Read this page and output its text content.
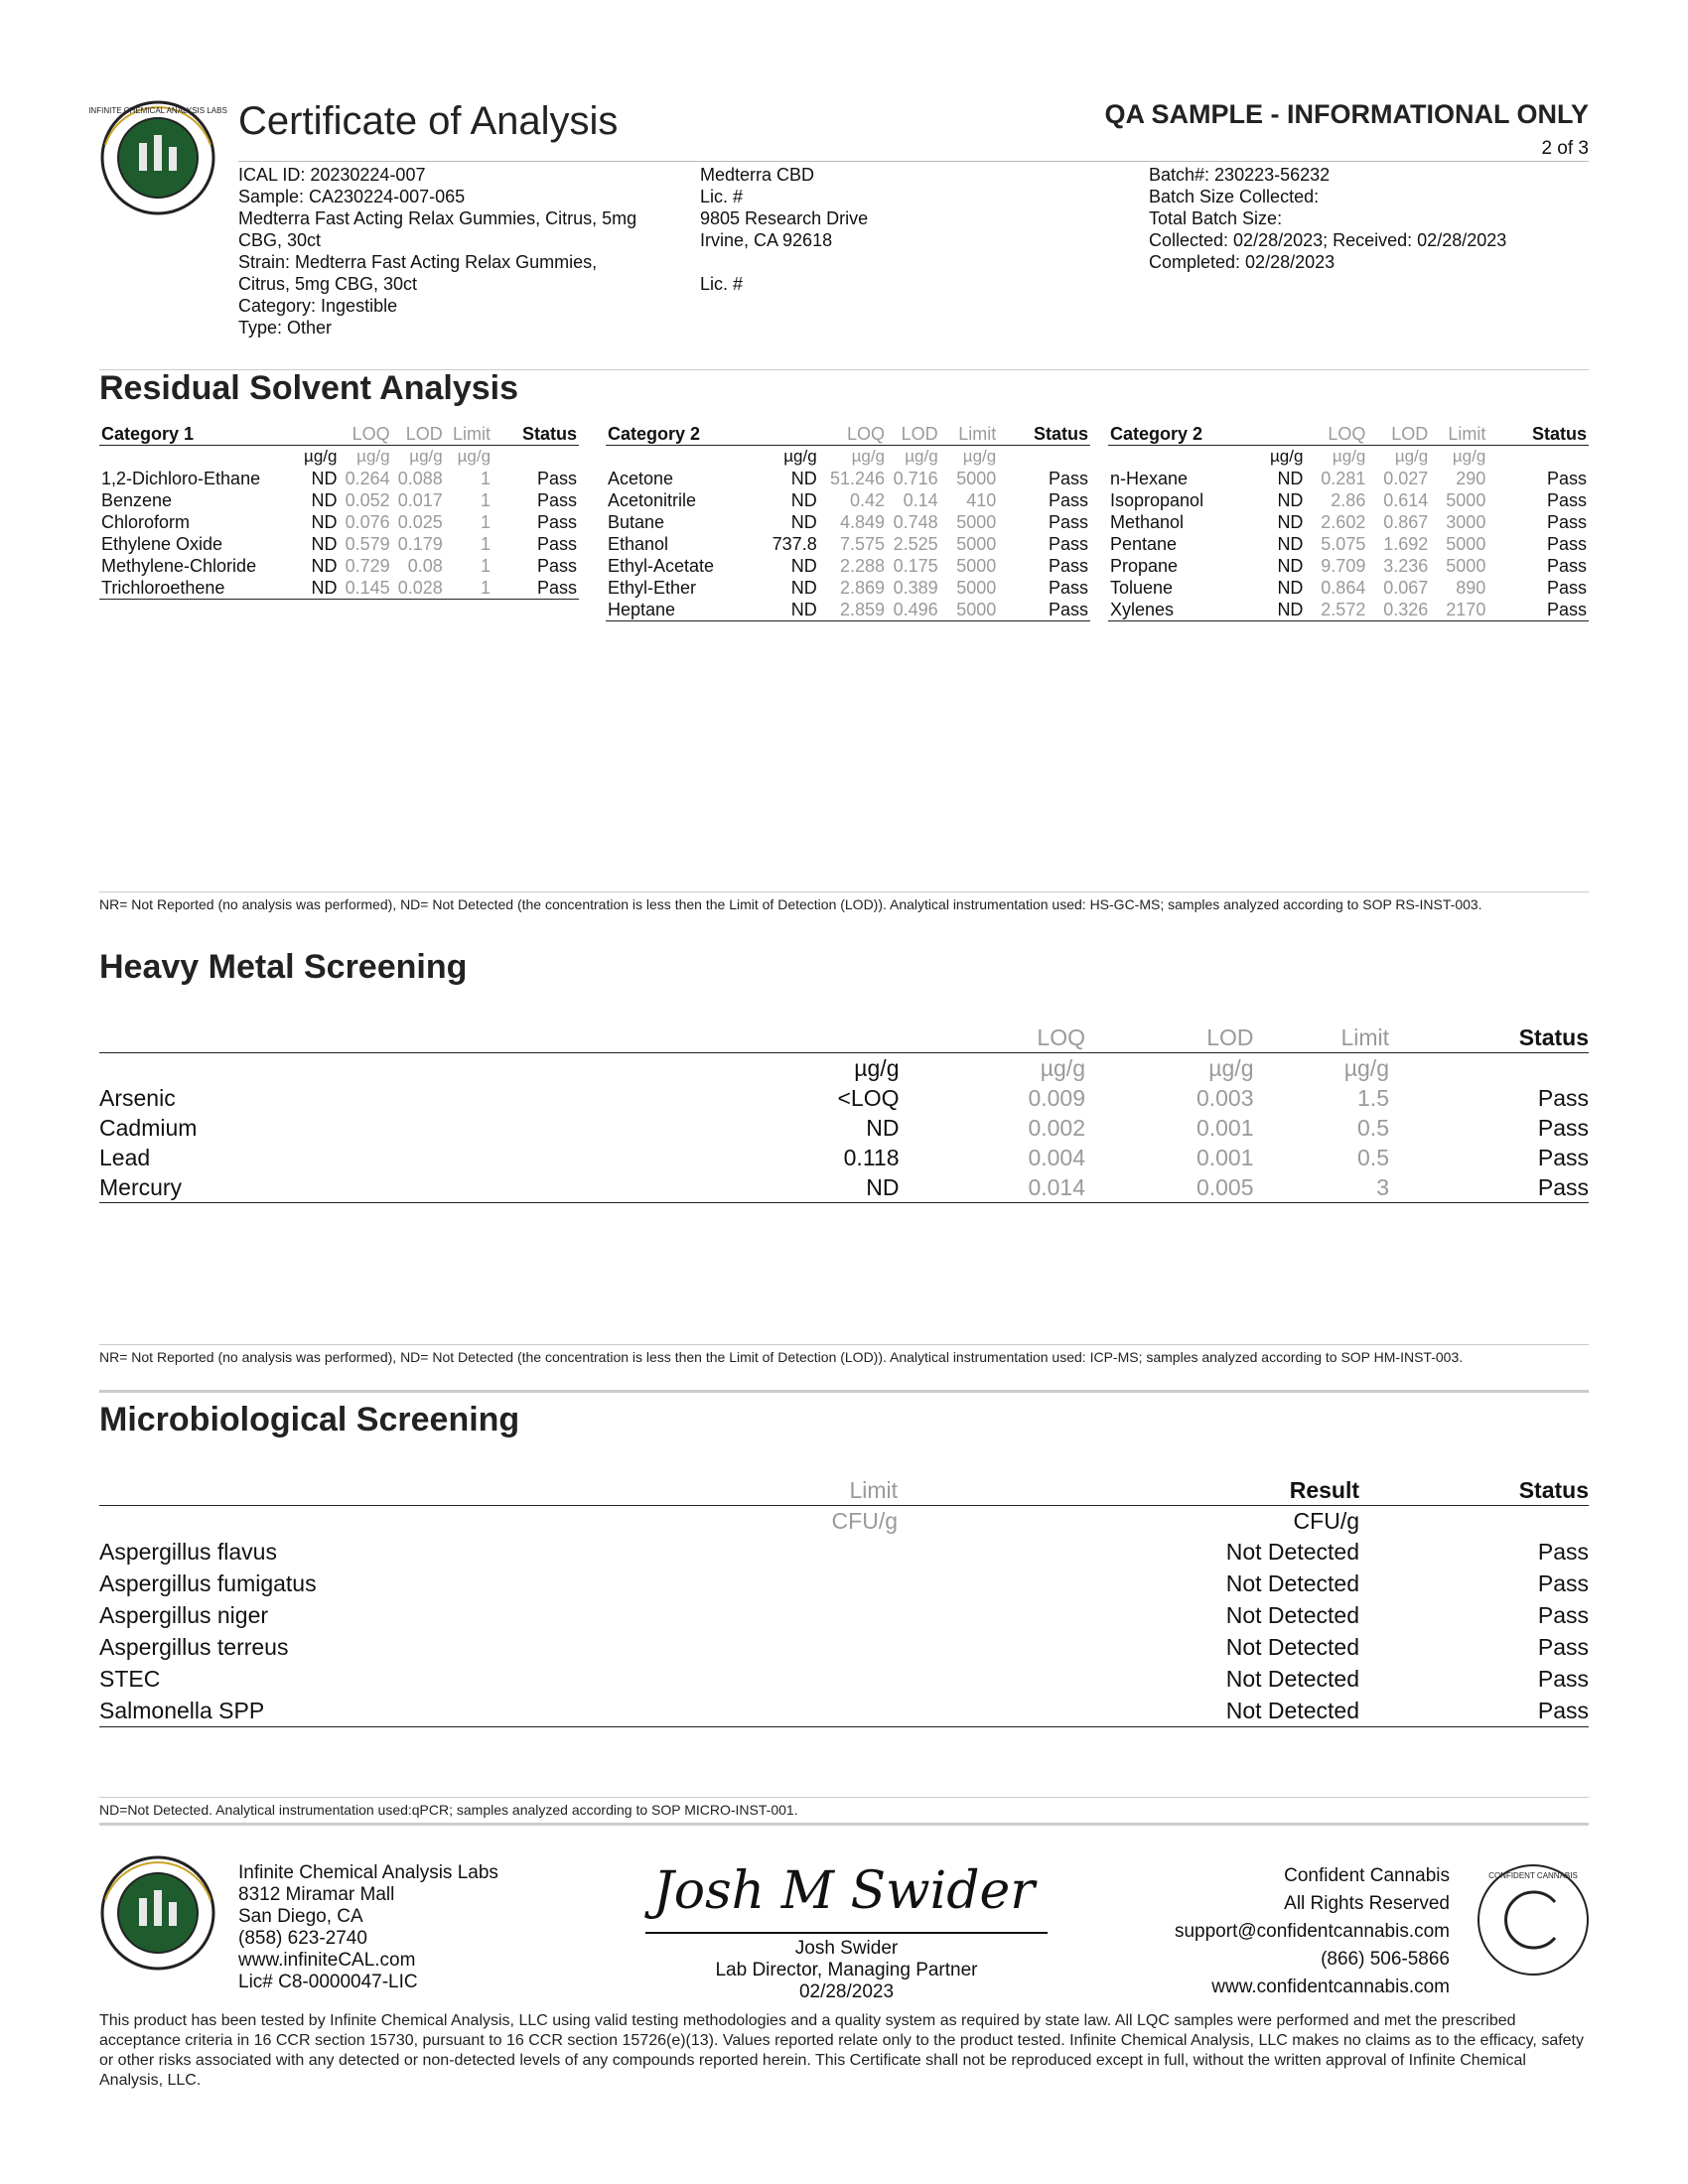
INFINITE CHEMICAL ANALYSIS LABS Certificate of Analysis	QA SAMPLE - INFORMATIONAL ONLY
2 of 3
ICAL ID: 20230224-007
Sample: CA230224-007-065
Medterra Fast Acting Relax Gummies, Citrus, 5mg
CBG, 30ct
Strain: Medterra Fast Acting Relax Gummies,
Citrus, 5mg CBG, 30ct
Category: Ingestible
Type: Other
Medterra CBD
Lic. #
9805 Research Drive
Irvine, CA 92618
Lic. #
Batch#: 230223-56232
Batch Size Collected:
Total Batch Size:
Collected: 02/28/2023; Received: 02/28/2023
Completed: 02/28/2023
Residual Solvent Analysis
Category 1		LOQ	LOD	Limit	Status
	µg/g	µg/g	µg/g	µg/g	
1,2-Dichloro-Ethane	ND	0.264	0.088	1	Pass
Benzene	ND	0.052	0.017	1	Pass
Chloroform	ND	0.076	0.025	1	Pass
Ethylene Oxide	ND	0.579	0.179	1	Pass
Methylene-Chloride	ND	0.729	0.08	1	Pass
Trichloroethene	ND	0.145	0.028	1	Pass
Category 2		LOQ	LOD	Limit	Status
	µg/g	µg/g	µg/g	µg/g	
Acetone	ND	51.246	0.716	5000	Pass
Acetonitrile	ND	0.42	0.14	410	Pass
Butane	ND	4.849	0.748	5000	Pass
Ethanol	737.8	7.575	2.525	5000	Pass
Ethyl-Acetate	ND	2.288	0.175	5000	Pass
Ethyl-Ether	ND	2.869	0.389	5000	Pass
Heptane	ND	2.859	0.496	5000	Pass
Category 2		LOQ	LOD	Limit	Status
	µg/g	µg/g	µg/g	µg/g	
n-Hexane	ND	0.281	0.027	290	Pass
Isopropanol	ND	2.86	0.614	5000	Pass
Methanol	ND	2.602	0.867	3000	Pass
Pentane	ND	5.075	1.692	5000	Pass
Propane	ND	9.709	3.236	5000	Pass
Toluene	ND	0.864	0.067	890	Pass
Xylenes	ND	2.572	0.326	2170	Pass
NR= Not Reported (no analysis was performed), ND= Not Detected (the concentration is less then the Limit of Detection (LOD)). Analytical instrumentation used: HS-GC-MS; samples analyzed according to SOP RS-INST-003.
Heavy Metal Screening
		LOQ	LOD	Limit	Status
	µg/g	µg/g	µg/g	µg/g	
Arsenic	<LOQ	0.009	0.003	1.5	Pass
Cadmium	ND	0.002	0.001	0.5	Pass
Lead	0.118	0.004	0.001	0.5	Pass
Mercury	ND	0.014	0.005	3	Pass
NR= Not Reported (no analysis was performed), ND= Not Detected (the concentration is less then the Limit of Detection (LOD)). Analytical instrumentation used: ICP-MS; samples analyzed according to SOP HM-INST-003.
Microbiological Screening
	Limit	Result	Status
	CFU/g	CFU/g	
Aspergillus flavus		Not Detected	Pass
Aspergillus fumigatus		Not Detected	Pass
Aspergillus niger		Not Detected	Pass
Aspergillus terreus		Not Detected	Pass
STEC		Not Detected	Pass
Salmonella SPP		Not Detected	Pass
ND=Not Detected. Analytical instrumentation used:qPCR; samples analyzed according to SOP MICRO-INST-001.
Infinite Chemical Analysis Labs
8312 Miramar Mall
San Diego, CA
(858) 623-2740
www.infiniteCAL.com
Lic# C8-0000047-LIC
Josh M Swider
Josh Swider
Lab Director, Managing Partner
02/28/2023
Confident Cannabis
All Rights Reserved
support@confidentcannabis.com
(866) 506-5866
www.confidentcannabis.com
CONFIDENT CANNABIS
This product has been tested by Infinite Chemical Analysis, LLC using valid testing methodologies and a quality system as required by state law. All LQC samples were performed and met the prescribed acceptance criteria in 16 CCR section 15730, pursuant to 16 CCR section 15726(e)(13). Values reported relate only to the product tested. Infinite Chemical Analysis, LLC makes no claims as to the efficacy, safety or other risks associated with any detected or non-detected levels of any compounds reported herein. This Certificate shall not be reproduced except in full, without the written approval of Infinite Chemical Analysis, LLC.
